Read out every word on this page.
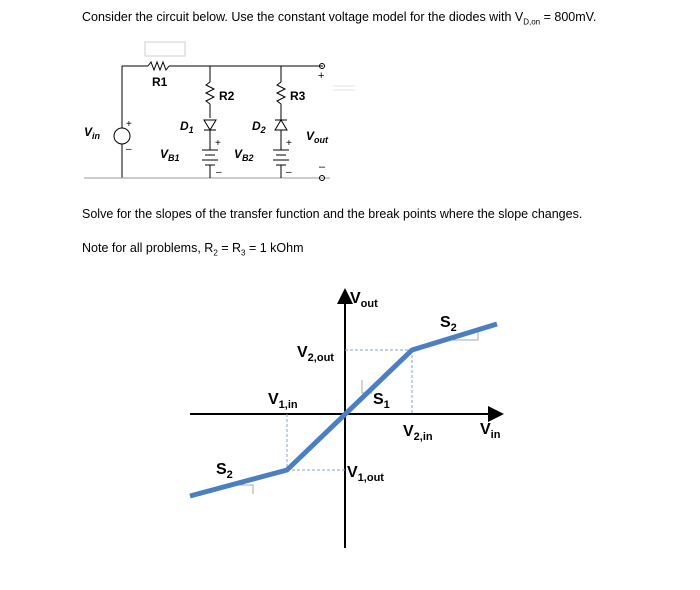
Consider the circuit below. Use the constant voltage model for the diodes with $V_{D,on} = 800mV$.
Solve for the slopes of the transfer function and the break points where the slope changes.
Note for all problems, $R_2 = R_3 = 1$ kOhm
R1
R2	R3
$D_1$	$D_2$
$V_{in}$
$V_{B1}$	$V_{B2}$
$V_{out}$
+
–
+
–
+
–
+
–
$V_{out}$
$V_{in}$
$V_{2,out}$
$V_{1,in}$	$S_1$
$V_{2,in}$
$S_2$
$S_2$	$V_{1,out}$
